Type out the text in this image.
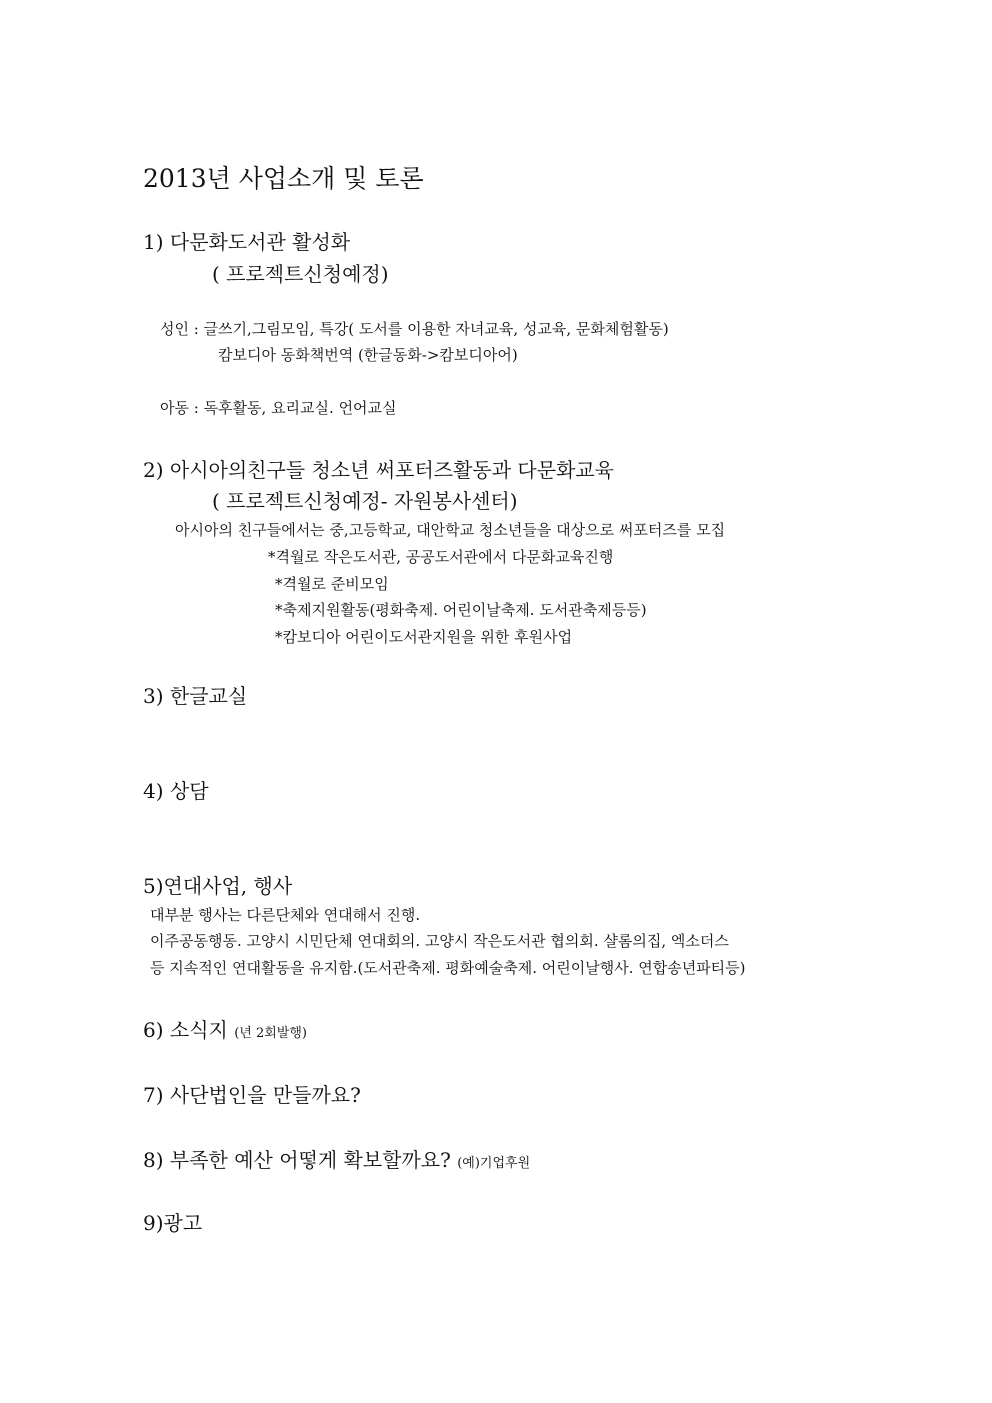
2013년 사업소개 및 토론
1) 다문화도서관 활성화
( 프로젝트신청예정)
성인 : 글쓰기,그림모임, 특강( 도서를 이용한 자녀교육, 성교육, 문화체험활동)
캄보디아 동화책번역 (한글동화->캄보디아어)
아동 : 독후활동, 요리교실. 언어교실
2) 아시아의친구들 청소년 써포터즈활동과 다문화교육
( 프로젝트신청예정- 자원봉사센터)
아시아의 친구들에서는 중,고등학교, 대안학교 청소년들을 대상으로 써포터즈를 모집
*격월로 작은도서관, 공공도서관에서 다문화교육진행
*격월로 준비모임
*축제지원활동(평화축제. 어린이날축제. 도서관축제등등)
*캄보디아 어린이도서관지원을 위한 후원사업
3) 한글교실
4) 상담
5)연대사업, 행사
대부분 행사는 다른단체와 연대해서 진행.
이주공동행동. 고양시 시민단체 연대회의. 고양시 작은도서관 협의회. 샬롬의집, 엑소더스
등 지속적인 연대활동을 유지함.(도서관축제. 평화예술축제. 어린이날행사. 연합송년파티등)
6) 소식지 (년 2회발행)
7) 사단법인을 만들까요?
8) 부족한 예산 어떻게 확보할까요? (예)기업후원
9)광고
